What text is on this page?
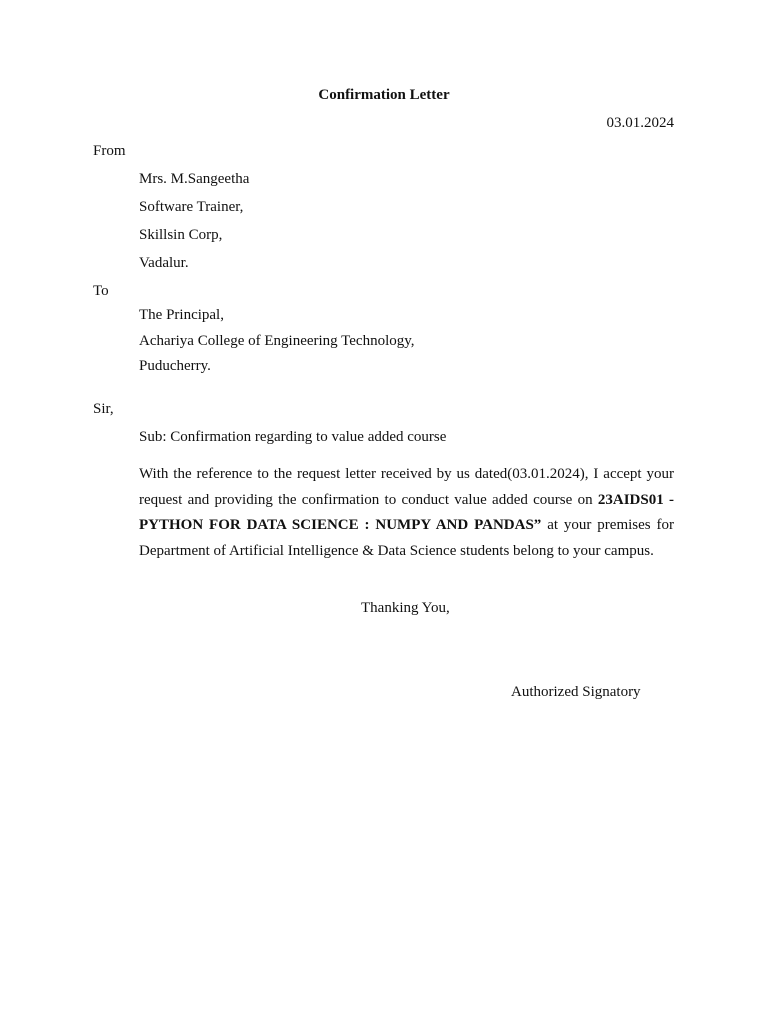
Confirmation Letter
03.01.2024
From
Mrs. M.Sangeetha
Software Trainer,
Skillsin Corp,
Vadalur.
To
The Principal,
Achariya College of Engineering Technology,
Puducherry.
Sir,
Sub: Confirmation regarding to value added course
With the reference to the request letter received by us dated(03.01.2024), I accept your request and providing the confirmation to conduct value added course on 23AIDS01 - PYTHON FOR DATA SCIENCE : NUMPY AND PANDAS” at your premises for Department of Artificial Intelligence & Data Science students belong to your campus.
Thanking You,
Authorized Signatory
